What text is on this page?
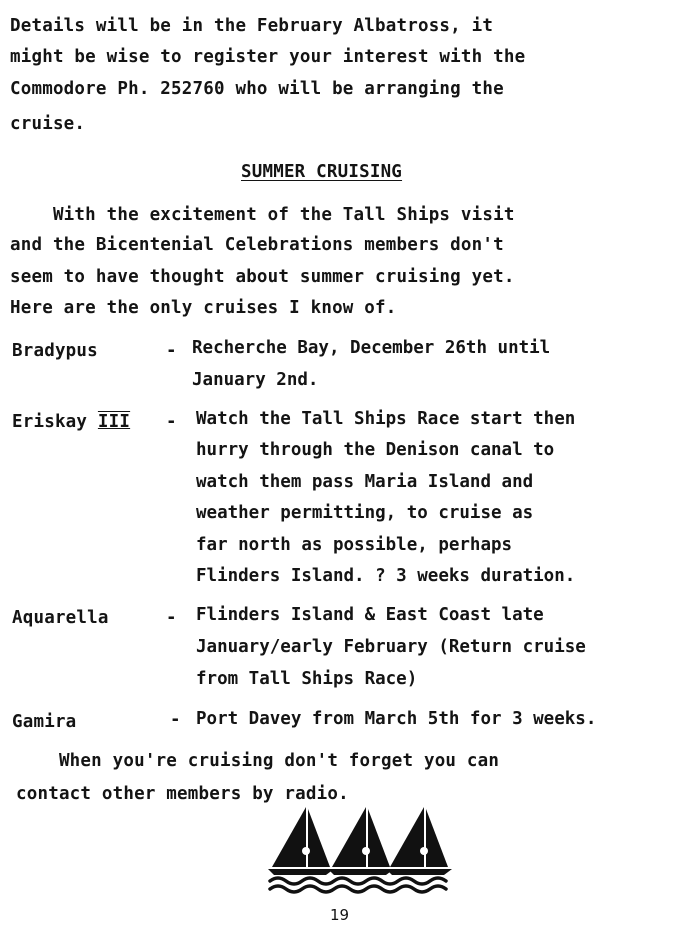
Details will be in the February Albatross, it
might be wise to register your interest with the
Commodore Ph. 252760 who will be arranging the
cruise.
SUMMER CRUISING
With the excitement of the Tall Ships visit
and the Bicentenial Celebrations members don't
seem to have thought about summer cruising yet.
Here are the only cruises I know of.
Bradypus	- Recherche Bay, December 26th until
January 2nd.
Eriskay III - Watch the Tall Ships Race start then
hurry through the Denison canal to
watch them pass Maria Island and
weather permitting, to cruise as
far north as possible, perhaps
Flinders Island. ? 3 weeks duration.
Aquarella	- Flinders Island & East Coast late
January/early February (Return cruise
from Tall Ships Race)
Gamira	- Port Davey from March 5th for 3 weeks.
When you're cruising don't forget you can
contact other members by radio.
19
